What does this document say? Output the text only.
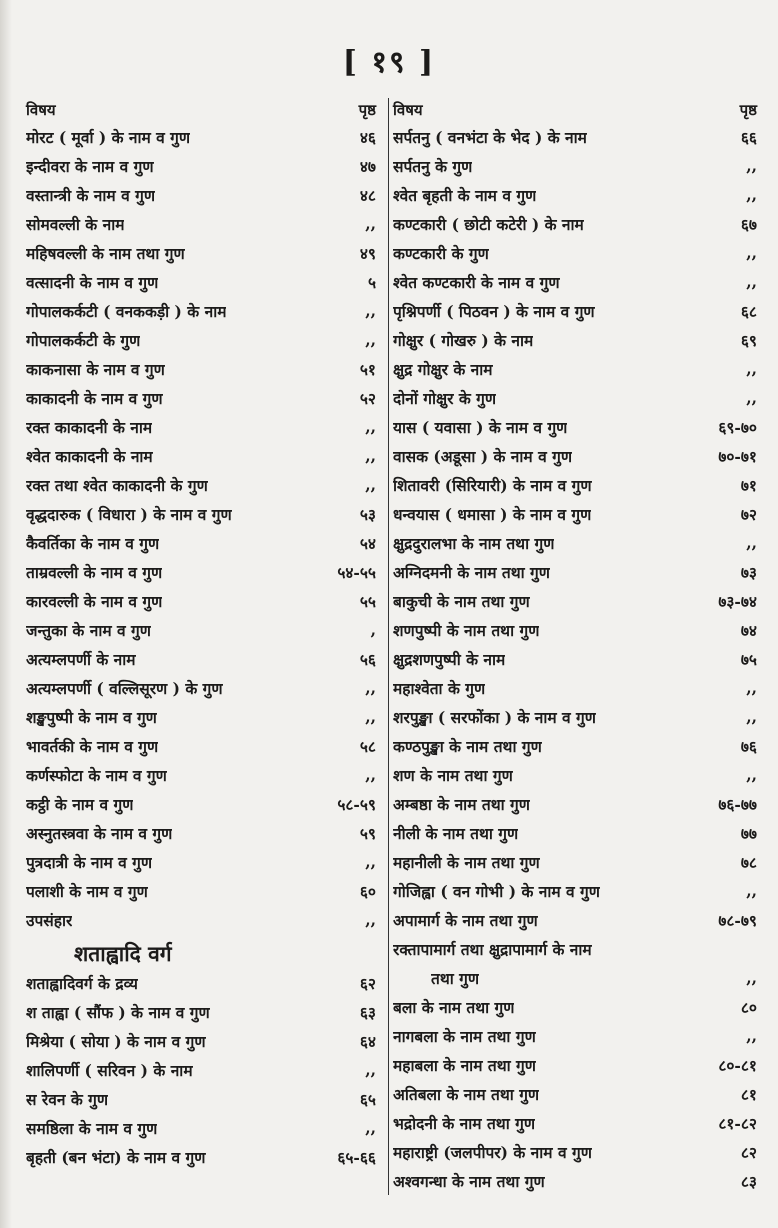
[ १९ ]
विषय	पृष्ठ
मोरट ( मूर्वा ) के नाम व गुण	४६
इन्दीवरा के नाम व गुण	४७
वस्तान्त्री के नाम व गुण	४८
सोमवल्ली के नाम	,,
महिषवल्ली के नाम तथा गुण	४९
वत्सादनी के नाम व गुण	५
गोपालकर्कटी ( वनककड़ी ) के नाम	,,
गोपालकर्कटी के गुण	,,
काकनासा के नाम व गुण	५१
काकादनी के नाम व गुण	५२
रक्त काकादनी के नाम	,,
श्वेत काकादनी के नाम	,,
रक्त तथा श्वेत काकादनी के गुण	,,
वृद्धदारुक ( विधारा ) के नाम व गुण	५३
कैवर्तिका के नाम व गुण	५४
ताम्रवल्ली के नाम व गुण	५४-५५
कारवल्ली के नाम व गुण	५५
जन्तुका के नाम व गुण	,
अत्यम्लपर्णी के नाम	५६
अत्यम्लपर्णी ( वल्लिसूरण ) के गुण	,,
शङ्खपुष्पी के नाम व गुण	,,
भावर्तकी के नाम व गुण	५८
कर्णस्फोटा के नाम व गुण	,,
कट्ठी के नाम व गुण	५८-५९
अस्नुतस्त्रवा के नाम व गुण	५९
पुत्रदात्री के नाम व गुण	,,
पलाशी के नाम व गुण	६०
उपसंहार	,,
शताह्वादि वर्ग
शताह्वादिवर्ग के द्रव्य	६२
श ताह्वा ( सौंफ ) के नाम व गुण	६३
मिश्रेया ( सोया ) के नाम व गुण	६४
शालिपर्णी ( सरिवन ) के नाम	,,
स रेवन के गुण	६५
समष्ठिला के नाम व गुण	,,
बृहती (बन भंटा) के नाम व गुण	६५-६६
विषय	पृष्ठ
सर्पतनु ( वनभंटा के भेद ) के नाम	६६
सर्पतनु के गुण	,,
श्वेत बृहती के नाम व गुण	,,
कण्टकारी ( छोटी कटेरी ) के नाम	६७
कण्टकारी के गुण	,,
श्वेत कण्टकारी के नाम व गुण	,,
पृश्निपर्णी ( पिठवन ) के नाम व गुण	६८
गोक्षुर ( गोखरु ) के नाम	६९
क्षुद्र गोक्षुर के नाम	,,
दोनों गोक्षुर के गुण	,,
यास ( यवासा ) के नाम व गुण	६९-७०
वासक (अडूसा ) के नाम व गुण	७०-७१
शितावरी (सिरियारी) के नाम व गुण	७१
धन्वयास ( धमासा ) के नाम व गुण	७२
क्षुद्रदुरालभा के नाम तथा गुण	,,
अग्निदमनी के नाम तथा गुण	७३
बाकुची के नाम तथा गुण	७३-७४
शणपुष्पी के नाम तथा गुण	७४
क्षुद्रशणपुष्पी के नाम	७५
महाश्वेता के गुण	,,
शरपुङ्खा ( सरफोंका ) के नाम व गुण	,,
कण्ठपुङ्खा के नाम तथा गुण	७६
शण के नाम तथा गुण	,,
अम्बष्ठा के नाम तथा गुण	७६-७७
नीली के नाम तथा गुण	७७
महानीली के नाम तथा गुण	७८
गोजिह्वा ( वन गोभी ) के नाम व गुण	,,
अपामार्ग के नाम तथा गुण	७८-७९
रक्तापामार्ग तथा क्षुद्रापामार्ग के नाम
तथा गुण	,,
बला के नाम तथा गुण	८०
नागबला के नाम तथा गुण	,,
महाबला के नाम तथा गुण	८०-८१
अतिबला के नाम तथा गुण	८१
भद्रोदनी के नाम तथा गुण	८१-८२
महाराष्ट्री (जलपीपर) के नाम व गुण	८२
अश्वगन्धा के नाम तथा गुण	८३
